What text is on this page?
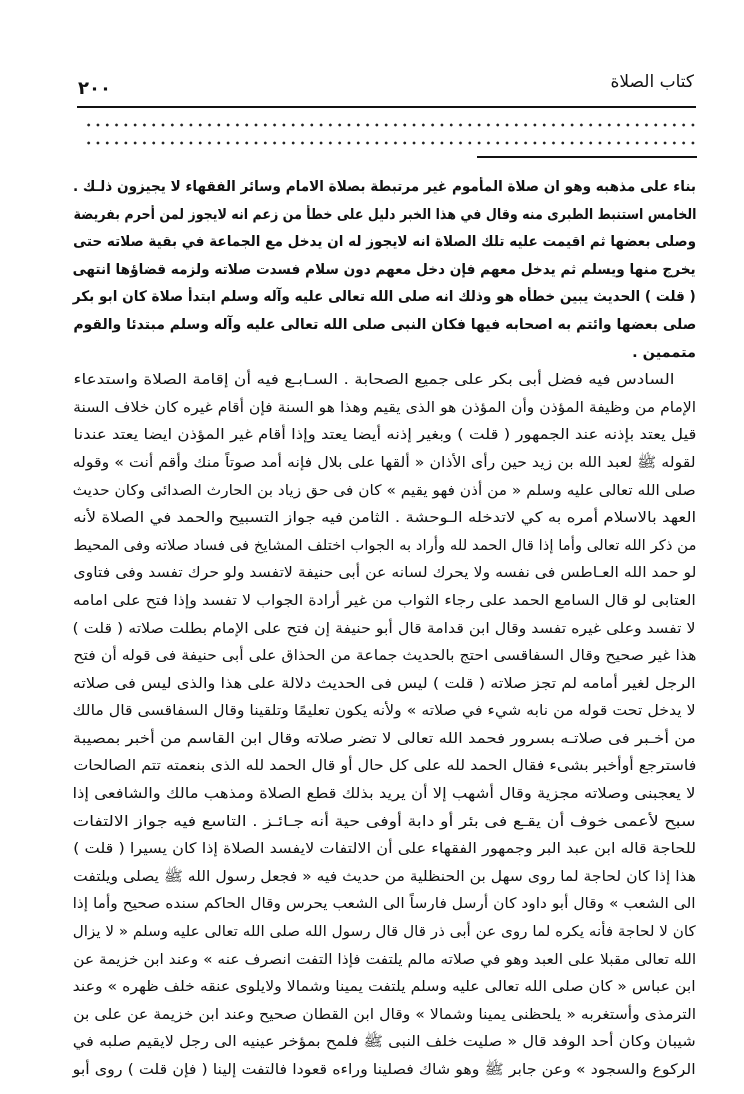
٢٠٠	كتاب الصلاة
بناء على مذهبه وهو ان صلاة المأموم غير مرتبطة بصلاة الامام وسائر الفقهاء لا يجيزون ذلـك .
الخامس استنبط الطبرى منه وقال في هذا الخبر دليل على خطأ من زعم انه لايجوز لمن أحرم بفريضة
وصلى بعضها ثم اقيمت عليه تلك الصلاة انه لايجوز له ان يدخل مع الجماعة في بقية صلاته حتى
يخرج منها ويسلم ثم يدخل معهم فإن دخل معهم دون سلام فسدت صلاته ولزمه قضاؤها انتهى
( قلت ) الحديث يبين خطأه هو وذلك انه صلى الله تعالى عليه وآله وسلم ابتدأ صلاة كان ابو بكر
صلى بعضها وائتم به اصحابه فيها فكان النبى صلى الله تعالى عليه وآله وسلم مبتدئا والقوم
متممين .
السادس فيه فضل أبى بكر على جميع الصحابة . السـابـع فيه أن إقامة الصلاة واستدعاء
الإمام من وظيفة المؤذن وأن المؤذن هو الذى يقيم وهذا هو السنة فإن أقام غيره كان خلاف السنة
قيل يعتد بإذنه عند الجمهور ( قلت ) وبغير إذنه أيضا يعتد وإذا أقام غير المؤذن ايضا يعتد عندنا
لقوله ﷺ لعبد الله بن زيد حين رأى الأذان « ألقها على بلال فإنه أمد صوتاً منك وأقم أنت » وقوله
صلى الله تعالى عليه وسلم « من أذن فهو يقيم » كان فى حق زياد بن الحارث الصدائى وكان حديث
العهد بالاسلام أمره به كي لاتدخله الـوحشة . الثامن فيه جواز التسبيح والحمد في الصلاة لأنه
من ذكر الله تعالى وأما إذا قال الحمد لله وأراد به الجواب اختلف المشايخ فى فساد صلاته وفى المحيط
لو حمد الله العـاطس فى نفسه ولا يحرك لسانه عن أبى حنيفة لاتفسد ولو حرك تفسد وفى فتاوى
العتابى لو قال السامع الحمد على رجاء الثواب من غير أرادة الجواب لا تفسد وإذا فتح على امامه
لا تفسد وعلى غيره تفسد وقال ابن قدامة قال أبو حنيفة إن فتح على الإمام بطلت صلاته ( قلت )
هذا غير صحيح وقال السفاقسى احتج بالحديث جماعة من الحذاق على أبى حنيفة فى قوله أن فتح
الرجل لغير أمامه لم تجز صلاته ( قلت ) ليس فى الحديث دلالة على هذا والذى ليس فى صلاته
لا يدخل تحت قوله من نابه شيء في صلاته » ولأنه يكون تعليمًا وتلقينا وقال السفاقسى قال مالك
من أخـبر فى صلاتـه بسرور فحمد الله تعالى لا تضر صلاته وقال ابن القاسم من أخبر بمصيبة
فاسترجع أوأخبر بشىء فقال الحمد لله على كل حال أو قال الحمد لله الذى بنعمته تتم الصالحات
لا يعجبنى وصلاته مجزية وقال أشهب إلا أن يريد بذلك قطع الصلاة ومذهب مالك والشافعى إذا
سبح لأعمى خوف أن يقـع فى بئر أو دابة أوفى حية أنه جـائـز . التاسع فيه جواز الالتفات
للحاجة قاله ابن عبد البر وجمهور الفقهاء على أن الالتفات لايفسد الصلاة إذا كان يسيرا ( قلت )
هذا إذا كان لحاجة لما روى سهل بن الحنظلية من حديث فيه « فجعل رسول الله ﷺ يصلى ويلتفت
الى الشعب » وقال أبو داود كان أرسل فارساً الى الشعب يحرس وقال الحاكم سنده صحيح وأما إذا
كان لا لحاجة فأنه يكره لما روى عن أبى ذر قال قال رسول الله صلى الله تعالى عليه وسلم « لا يزال
الله تعالى مقبلا على العبد وهو في صلاته مالم يلتفت فإذا التفت انصرف عنه » وعند ابن خزيمة عن
ابن عباس « كان صلى الله تعالى عليه وسلم يلتفت يمينا وشمالا ولايلوى عنقه خلف ظهره » وعند
الترمذى وأستغربه « يلحظنى يمينا وشمالا » وقال ابن القطان صحيح وعند ابن خزيمة عن على بن
شيبان وكان أحد الوفد قال « صليت خلف النبى ﷺ فلمح بمؤخر عينيه الى رجل لايقيم صلبه في
الركوع والسجود » وعن جابر ﷺ وهو شاك فصلينا وراءه قعودا فالتفت إلينا ( فإن قلت ) روى أبو
